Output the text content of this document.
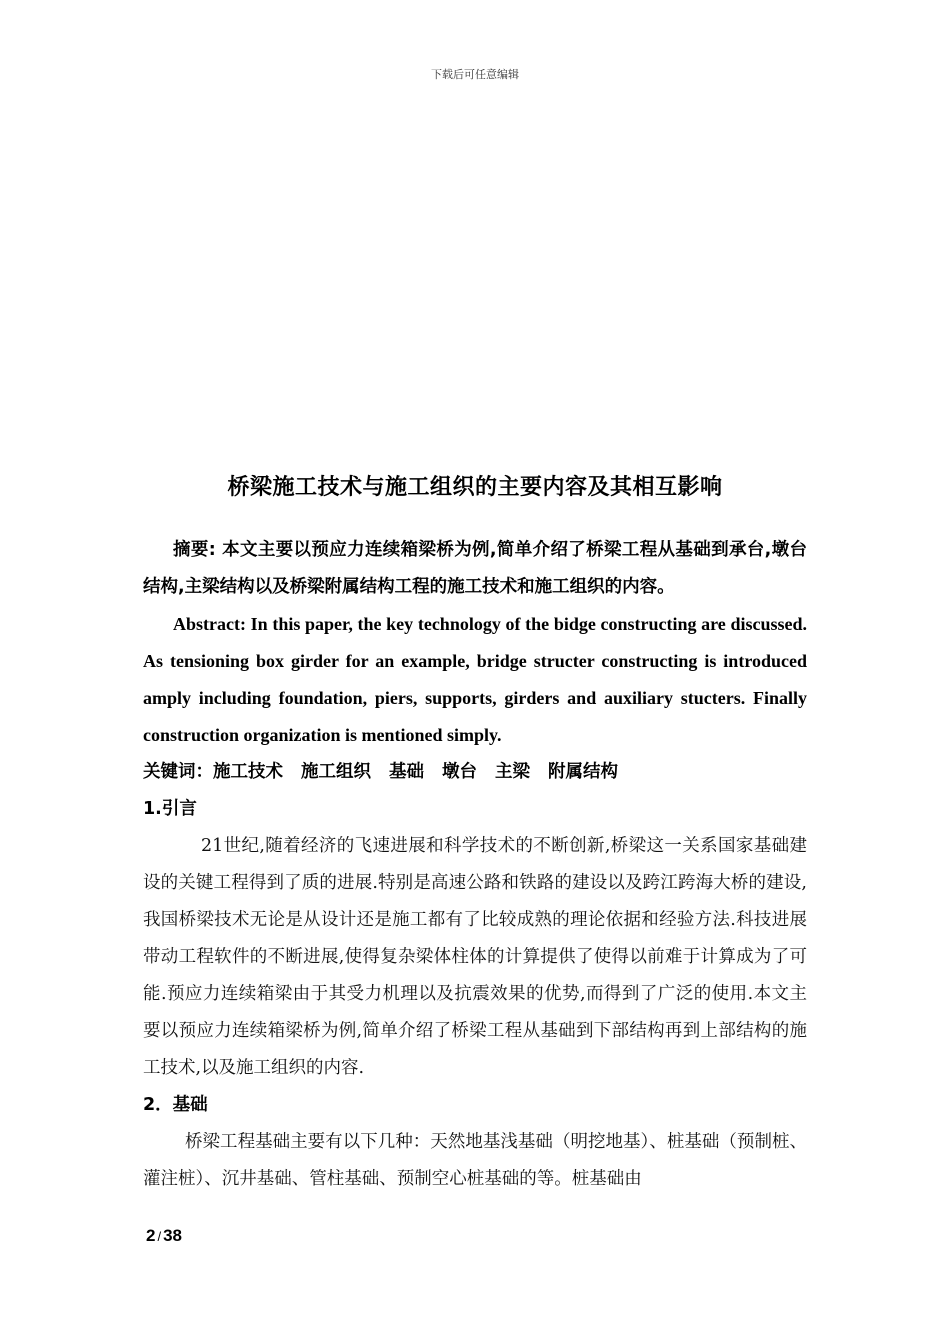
下载后可任意编辑
桥梁施工技术与施工组织的主要内容及其相互影响

摘要: 本文主要以预应力连续箱梁桥为例,简单介绍了桥梁工程从基础到承台,墩台结构,主梁结构以及桥梁附属结构工程的施工技术和施工组织的内容。

Abstract: In this paper, the key technology of the bidge constructing are discussed. As tensioning box girder for an example, bridge structer constructing is introduced amply including foundation, piers, supports, girders and auxiliary stucters. Finally construction organization is mentioned simply.

关键词：施工技术 施工组织 基础 墩台 主梁 附属结构

1.引言

21世纪,随着经济的飞速进展和科学技术的不断创新,桥梁这一关系国家基础建设的关键工程得到了质的进展.特别是高速公路和铁路的建设以及跨江跨海大桥的建设,我国桥梁技术无论是从设计还是施工都有了比较成熟的理论依据和经验方法.科技进展带动工程软件的不断进展,使得复杂梁体柱体的计算提供了使得以前难于计算成为了可能.预应力连续箱梁由于其受力机理以及抗震效果的优势,而得到了广泛的使用.本文主要以预应力连续箱梁桥为例,简单介绍了桥梁工程从基础到下部结构再到上部结构的施工技术,以及施工组织的内容.

2．基础

桥梁工程基础主要有以下几种：天然地基浅基础（明挖地基）、桩基础（预制桩、灌注桩）、沉井基础、管柱基础、预制空心桩基础的等。桩基础由

2 / 38
